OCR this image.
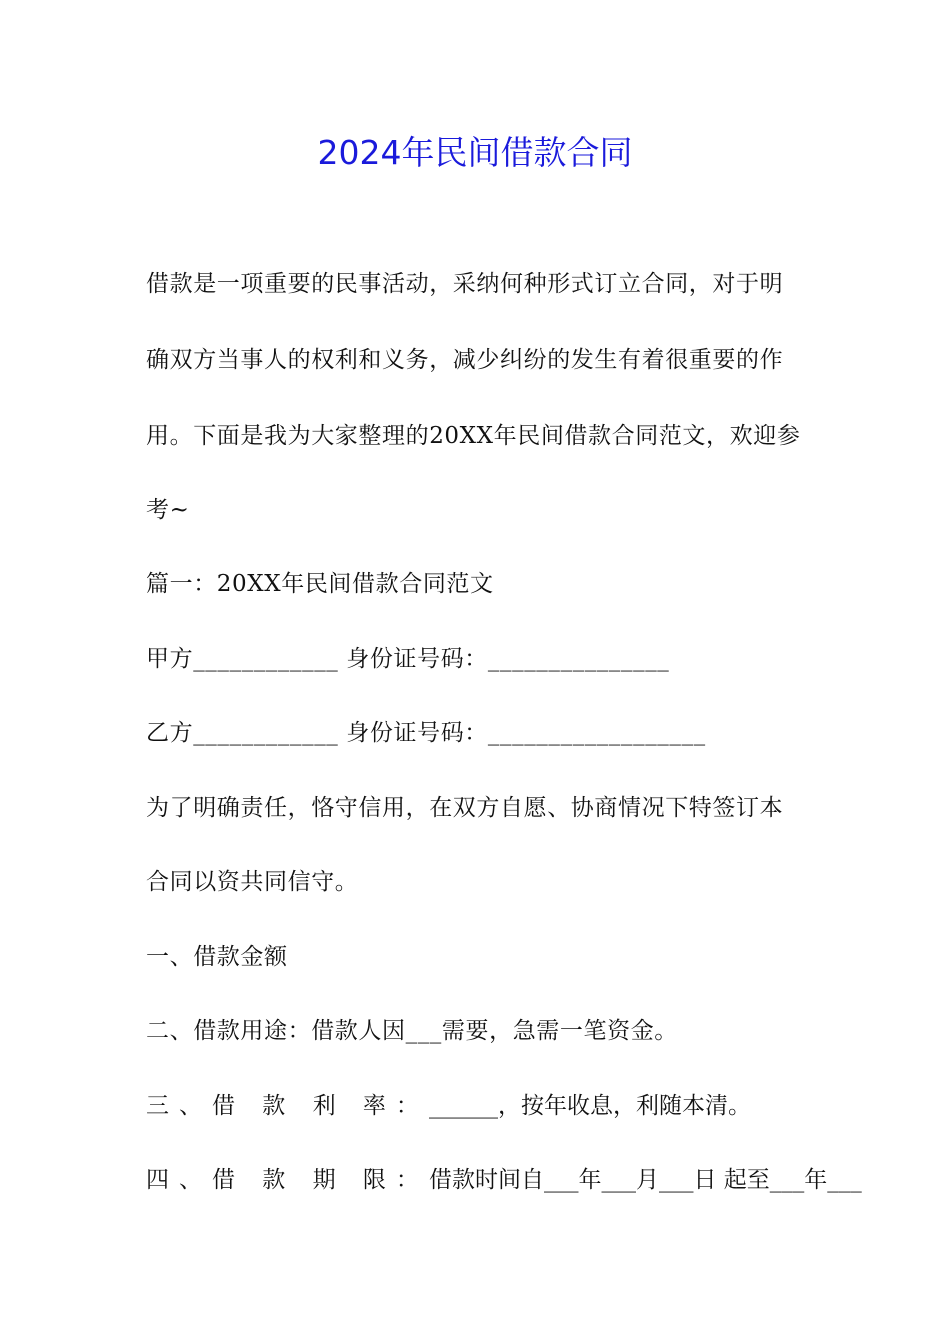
2024年民间借款合同
借款是一项重要的民事活动，采纳何种形式订立合同，对于明
确双方当事人的权利和义务，减少纠纷的发生有着很重要的作
用。下面是我为大家整理的20XX年民间借款合同范文，欢迎参
考~
篇一：20XX年民间借款合同范文
甲方____________ 身份证号码：_______________
乙方____________ 身份证号码：__________________
为了明确责任，恪守信用，在双方自愿、协商情况下特签订本
合同以资共同信守。
一、借款金额
二、借款用途：借款人因___需要，急需一笔资金。
三、借 款 利 率：______，按年收息，利随本清。
四、借 款 期 限：借款时间自___年___月___日 起至___年___
